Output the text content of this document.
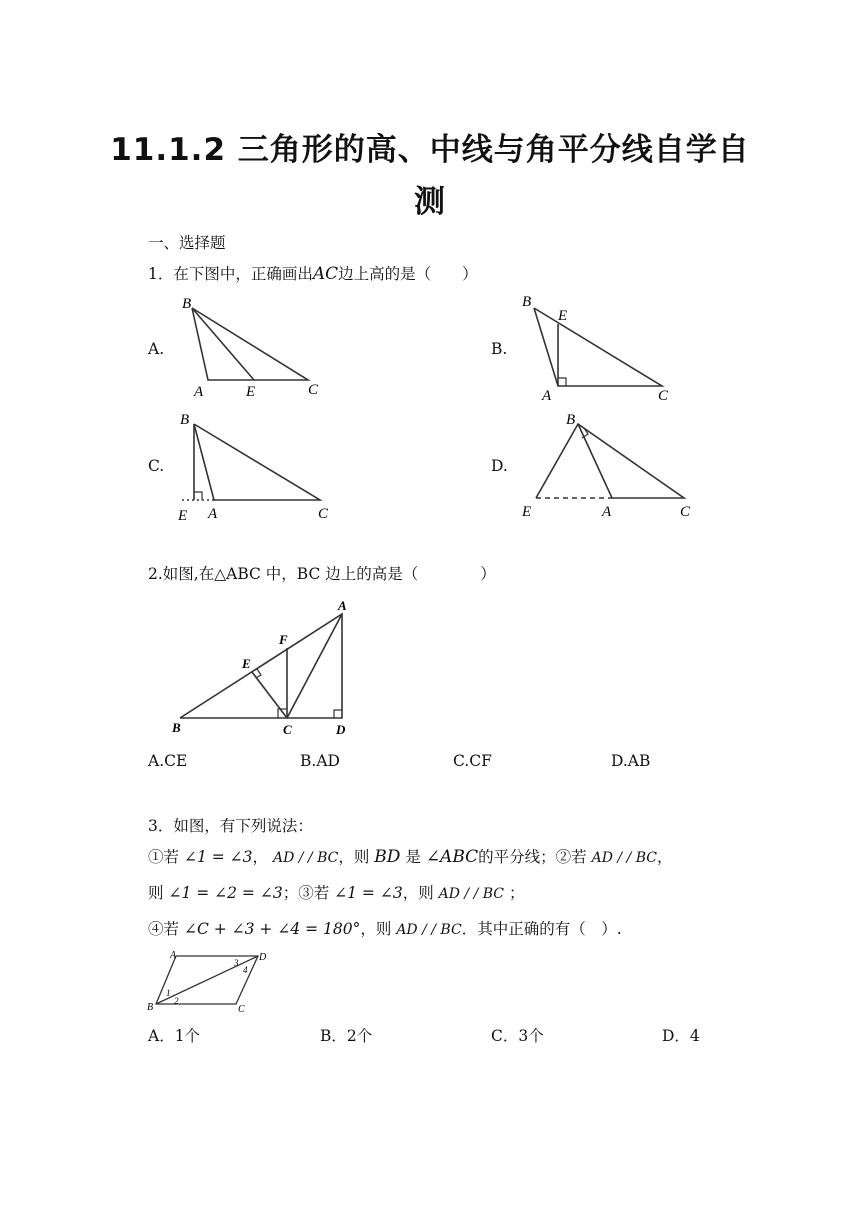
11.1.2 三角形的高、中线与角平分线自学自
测
一、选择题
1．在下图中，正确画出AC边上高的是（　　）
A.	B.
C.	D.
B
A	E	C
B
E
A	C
B
E A	C
B
E	A	C
2.如图,在△ABC 中，BC 边上的高是（　　　　）
A
F
E
B	C	D
A.CE	B.AD	C.CF	D.AB
3．如图，有下列说法：
①若 ∠1 = ∠3， AD / / BC，则 BD 是 ∠ABC的平分线；②若 AD / / BC，
则 ∠1 = ∠2 = ∠3；③若 ∠1 = ∠3，则 AD / / BC ；
④若 ∠C + ∠3 + ∠4 = 180°，则 AD / / BC．其中正确的有（　）.
A	D
B	C
1
2
3
4
A．1个	B．2个	C．3个	D．4
